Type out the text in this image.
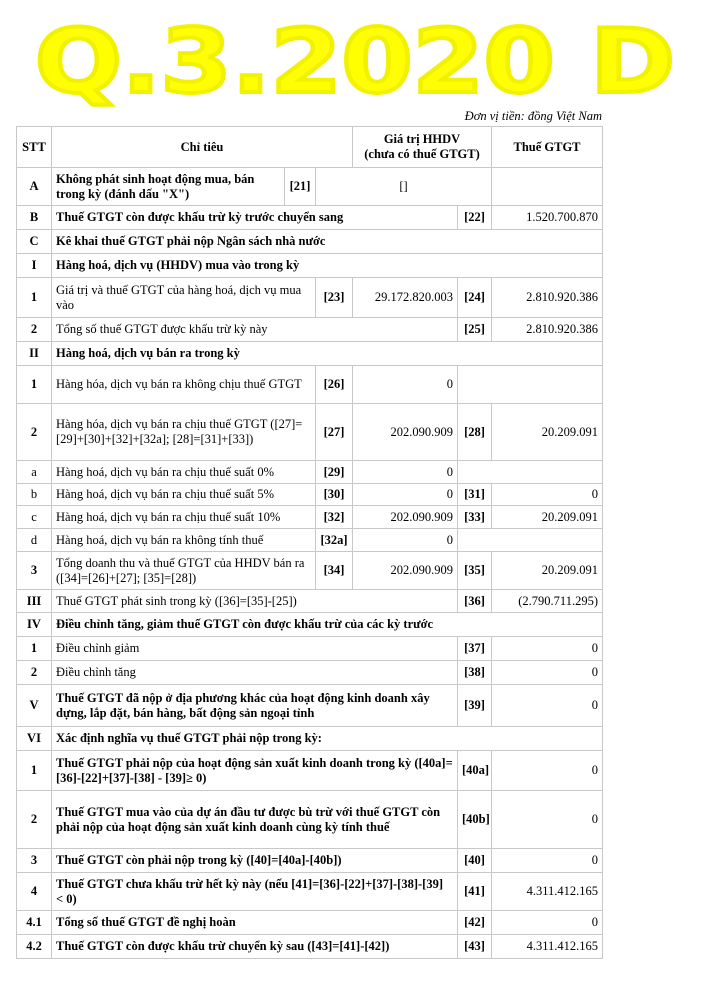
Q.3.2020 D
Đơn vị tiền: đồng Việt Nam
STT	Chỉ tiêu			Giá trị HHDV
(chưa có thuế GTGT)		Thuế GTGT
A	Không phát sinh hoạt động mua, bán trong kỳ (đánh dấu "X")	[21]	[]			
B	Thuế GTGT còn được khấu trừ kỳ trước chuyển sang				[22]	1.520.700.870
C	Kê khai thuế GTGT phải nộp Ngân sách nhà nước					
I	Hàng hoá, dịch vụ (HHDV) mua vào trong kỳ					
1	Giá trị và thuế GTGT của hàng hoá, dịch vụ mua vào		[23]	29.172.820.003	[24]	2.810.920.386
2	Tổng số thuế GTGT được khấu trừ kỳ này				[25]	2.810.920.386
II	Hàng hoá, dịch vụ bán ra trong kỳ					
1	Hàng hóa, dịch vụ bán ra không chịu thuế GTGT		[26]	0		
2	Hàng hóa, dịch vụ bán ra chịu thuế GTGT ([27]=[29]+[30]+[32]+[32a]; [28]=[31]+[33])		[27]	202.090.909	[28]	20.209.091
a	Hàng hoá, dịch vụ bán ra chịu thuế suất 0%		[29]	0		
b	Hàng hoá, dịch vụ bán ra chịu thuế suất 5%		[30]	0	[31]	0
c	Hàng hoá, dịch vụ bán ra chịu thuế suất 10%		[32]	202.090.909	[33]	20.209.091
d	Hàng hoá, dịch vụ bán ra không tính thuế		[32a]	0		
3	Tổng doanh thu và thuế GTGT của HHDV bán ra ([34]=[26]+[27]; [35]=[28])		[34]	202.090.909	[35]	20.209.091
III	Thuế GTGT phát sinh trong kỳ ([36]=[35]-[25])				[36]	(2.790.711.295)
IV	Điều chỉnh tăng, giảm thuế GTGT còn được khấu trừ của các kỳ trước					
1	Điều chỉnh giảm				[37]	0
2	Điều chỉnh tăng				[38]	0
V	Thuế GTGT đã nộp ở địa phương khác của hoạt động kinh doanh xây dựng, lắp đặt, bán hàng, bất động sản ngoại tỉnh				[39]	0
VI	Xác định nghĩa vụ thuế GTGT phải nộp trong kỳ:					
1	Thuế GTGT phải nộp của hoạt động sản xuất kinh doanh trong kỳ ([40a]=[36]-[22]+[37]-[38] - [39]≥ 0)				[40a]	0
2	Thuế GTGT mua vào của dự án đầu tư được bù trừ với thuế GTGT còn phải nộp của hoạt động sản xuất kinh doanh cùng kỳ tính thuế				[40b]	0
3	Thuế GTGT còn phải nộp trong kỳ ([40]=[40a]-[40b])				[40]	0
4	Thuế GTGT chưa khấu trừ hết kỳ này (nếu [41]=[36]-[22]+[37]-[38]-[39] < 0)				[41]	4.311.412.165
4.1	Tổng số thuế GTGT đề nghị hoàn				[42]	0
4.2	Thuế GTGT còn được khấu trừ chuyển kỳ sau ([43]=[41]-[42])				[43]	4.311.412.165
